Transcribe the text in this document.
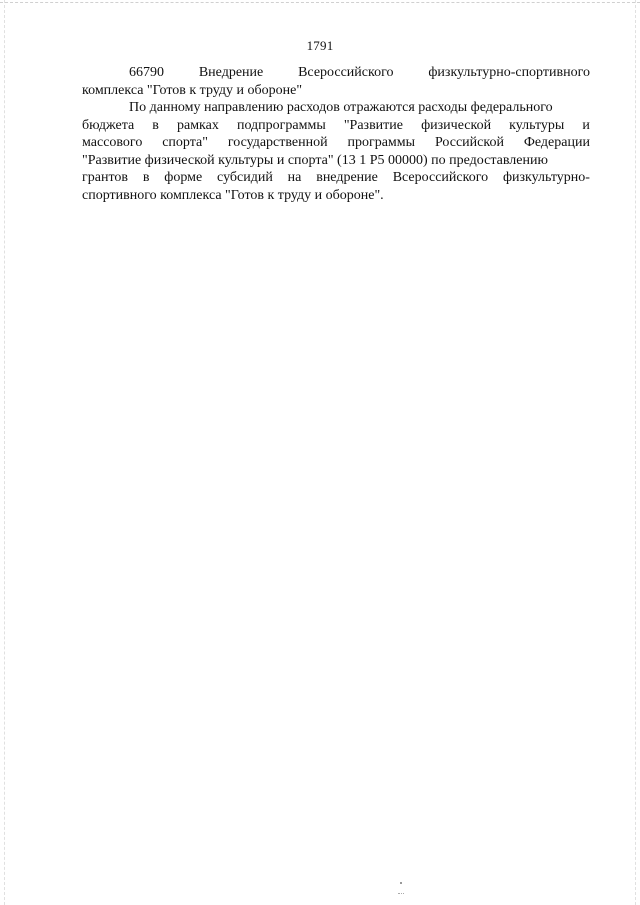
1791
66790 Внедрение Всероссийского физкультурно-спортивного
комплекса "Готов к труду и обороне"
По данному направлению расходов отражаются расходы федерального
бюджета в рамках подпрограммы "Развитие физической культуры и
массового спорта" государственной программы Российской Федерации
"Развитие физической культуры и спорта" (13 1 P5 00000) по предоставлению
грантов в форме субсидий на внедрение Всероссийского физкультурно-
спортивного комплекса "Готов к труду и обороне".
